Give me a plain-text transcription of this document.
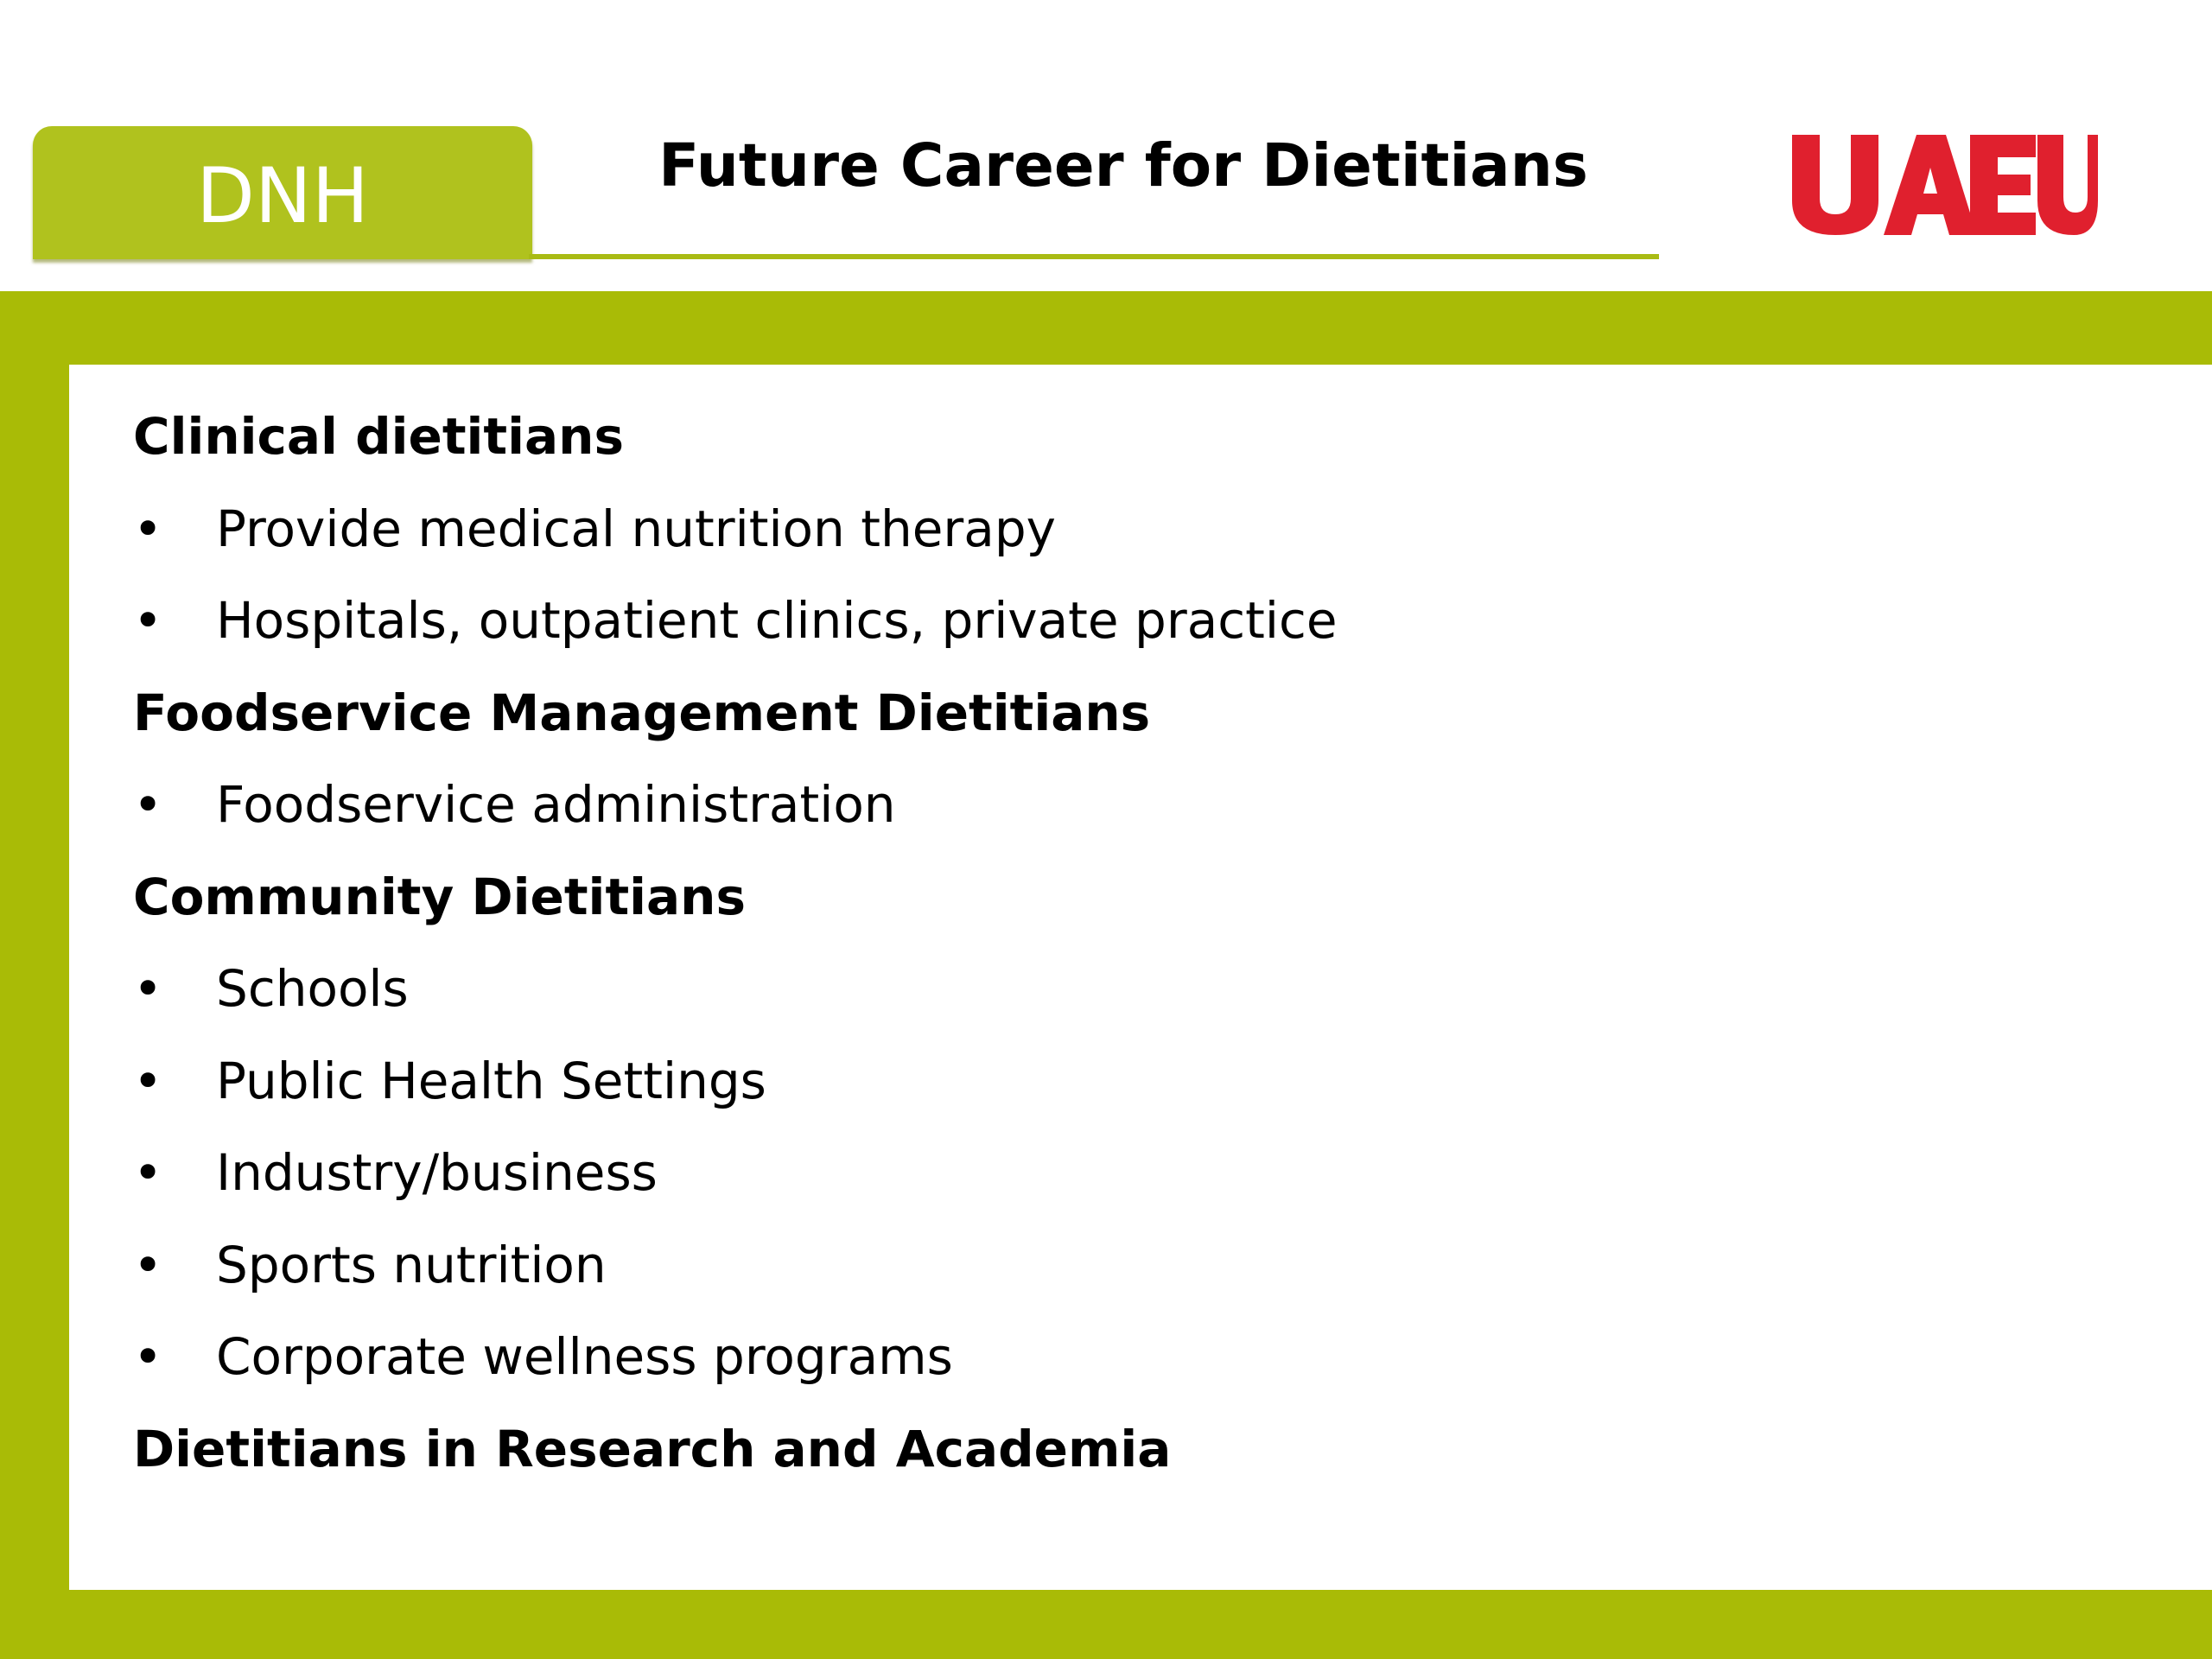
DNH	Future Career for Dietitians
Clinical dietitians
• Provide medical nutrition therapy
• Hospitals, outpatient clinics, private practice
Foodservice Management Dietitians
• Foodservice administration
Community Dietitians
• Schools
• Public Health Settings
• Industry/business
• Sports nutrition
• Corporate wellness programs
Dietitians in Research and Academia
